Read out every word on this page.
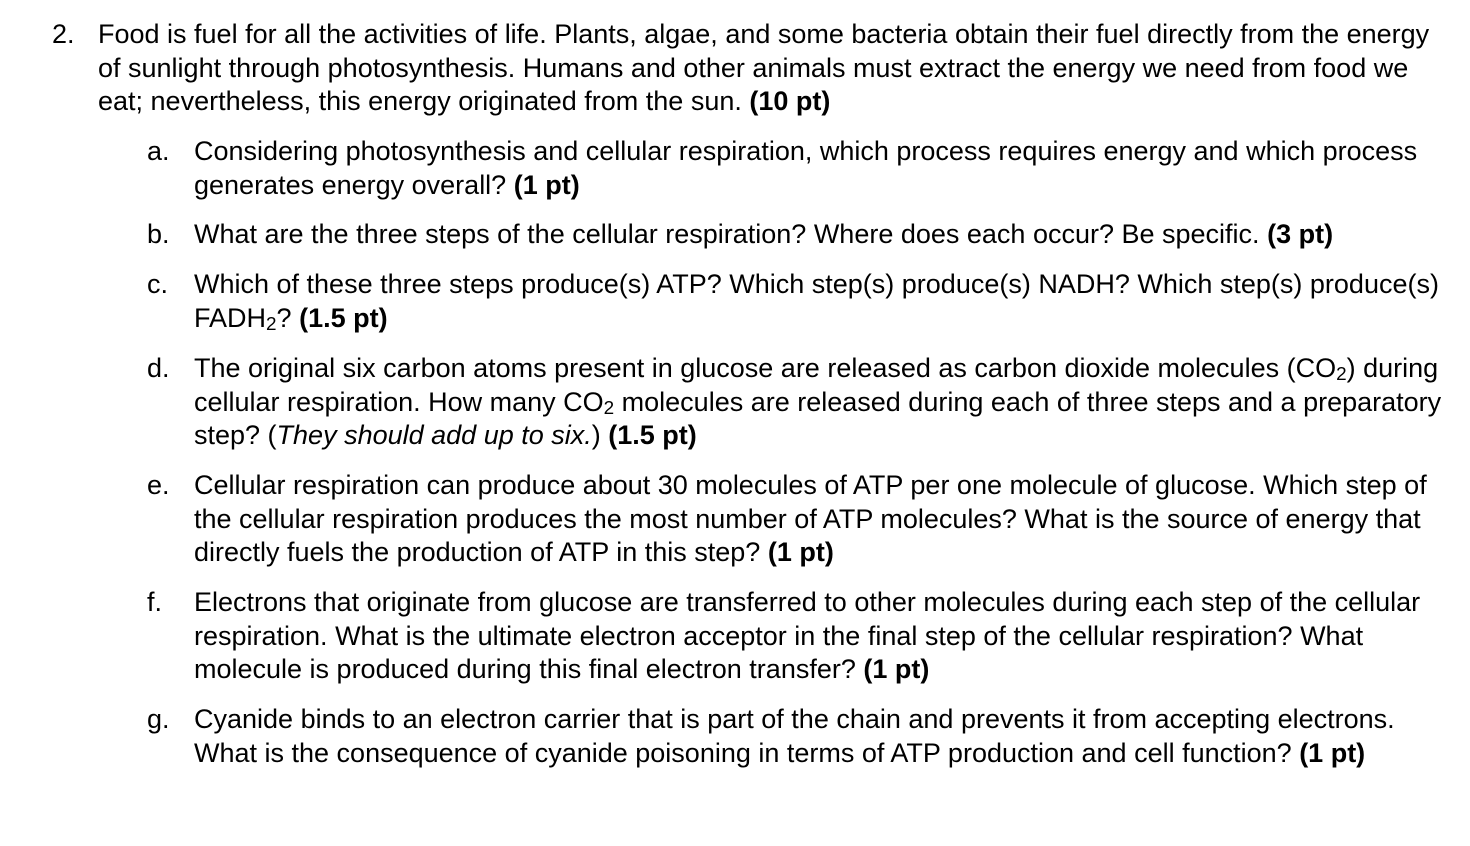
2. Food is fuel for all the activities of life. Plants, algae, and some bacteria obtain their fuel directly from the energy of sunlight through photosynthesis. Humans and other animals must extract the energy we need from food we eat; nevertheless, this energy originated from the sun. (10 pt)
a. Considering photosynthesis and cellular respiration, which process requires energy and which process generates energy overall? (1 pt)
b. What are the three steps of the cellular respiration? Where does each occur? Be specific. (3 pt)
c. Which of these three steps produce(s) ATP? Which step(s) produce(s) NADH? Which step(s) produce(s) $FADH_2$? (1.5 pt)
d. The original six carbon atoms present in glucose are released as carbon dioxide molecules $(CO_2)$ during cellular respiration. How many $CO_2$ molecules are released during each of three steps and a preparatory step? (They should add up to six.) (1.5 pt)
e. Cellular respiration can produce about 30 molecules of ATP per one molecule of glucose. Which step of the cellular respiration produces the most number of ATP molecules? What is the source of energy that directly fuels the production of ATP in this step? (1 pt)
f. Electrons that originate from glucose are transferred to other molecules during each step of the cellular respiration. What is the ultimate electron acceptor in the final step of the cellular respiration? What molecule is produced during this final electron transfer? (1 pt)
g. Cyanide binds to an electron carrier that is part of the chain and prevents it from accepting electrons. What is the consequence of cyanide poisoning in terms of ATP production and cell function? (1 pt)
